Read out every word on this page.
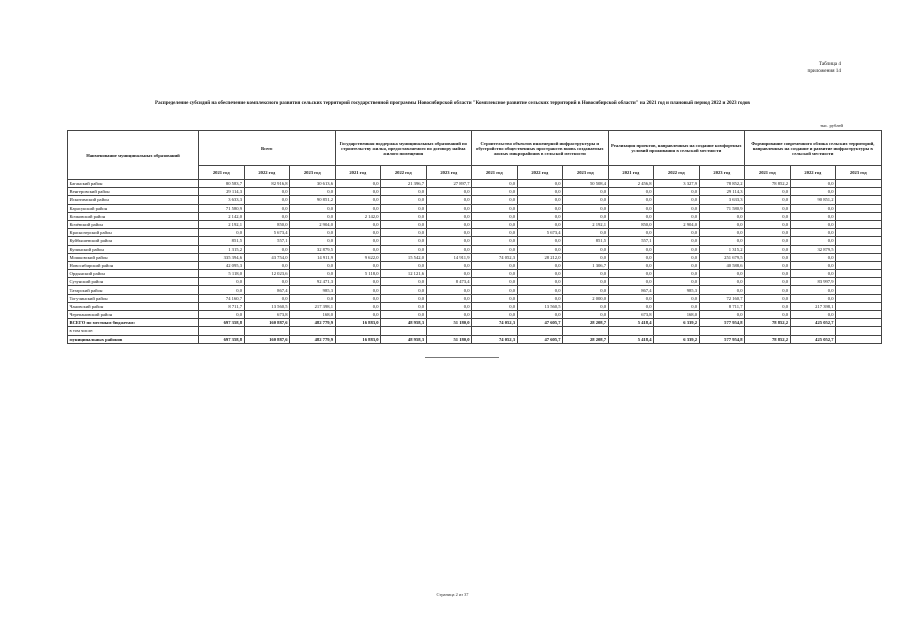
Таблица 4
приложения 14
Распределение субсидий на обеспечение комплексного развития сельских территорий государственной программы Новосибирской области "Комплексное развитие сельских территорий в Новосибирской области" на 2021 год и плановый период 2022 и 2023 годов
тыс. рублей
Наименование муниципальных образований	Всего			Государственная поддержка муниципальных образований по строительству жилья, предоставляемого по договору найма жилого помещения			Строительство объектов инженерной инфраструктуры и обустройство общественных пространств вновь создаваемых жилых микрорайонов в сельской местности			Реализация проектов, направленных на создание комфортных условий проживания в сельской местности			Формирование современного облика сельских территорий, направленных на создание и развитие инфраструктуры в сельской местности		
	2021 год	2022 год	2023 год	2021 год	2022 год	2023 год	2021 год	2022 год	2023 год	2021 год	2022 год	2023 год	2021 год	2022 год	2023 год
Баганский район	80 583,7	82 916,8	30 613,6	0,0	21 396,7	27 897,7	0,0	0,0	50 508,4	2 456,8	3 327,9	78 852,2	78 852,2	0,0	
Венгеровский район	29 114,3	0,0	0,0	0,0	0,0	0,0	0,0	0,0	0,0	0,0	0,0	29 114,3	0,0	0,0	
Искитимский район	3 633,3	0,0	90 851,2	0,0	0,0	0,0	0,0	0,0	0,0	0,0	0,0	3 633,3	0,0	90 851,2	
Карасукский район	71 580,9	0,0	0,0	0,0	0,0	0,0	0,0	0,0	0,0	0,0	0,0	71 580,9	0,0	0,0	
Кочковский район	2 142,0	0,0	0,0	2 142,0	0,0	0,0	0,0	0,0	0,0	0,0	0,0	0,0	0,0	0,0	
Кочёвский район	2 192,1	850,0	2 904,0	0,0	0,0	0,0	0,0	0,0	2 192,1	850,0	2 904,0	0,0	0,0	0,0	
Краснозерский район	0,0	5 673,4	0,0	0,0	0,0	0,0	0,0	5 673,4	0,0	0,0	0,0	0,0	0,0	0,0	
Куйбышевский район	851,5	557,1	0,0	0,0	0,0	0,0	0,0	0,0	851,5	557,1	0,0	0,0	0,0	0,0	
Купинский район	1 315,2	0,0	32 879,5	0,0	0,0	0,0	0,0	0,0	0,0	0,0	0,0	1 315,2	0,0	32 879,5	
Мошковский район	335 394,6	43 754,0	14 911,9	9 622,0	15 542,0	14 911,9	74 052,3	28 212,0	0,0	0,0	0,0	251 679,5	0,0	0,0	
Новосибирский район	42 095,3	0,0	0,0	0,0	0,0	0,0	0,0	0,0	1 306,7	0,0	0,0	40 588,6	0,0	0,0	
Ордынский район	5 118,0	12 023,6	0,0	5 118,0	12 121,6	0,0	0,0	0,0	0,0	0,0	0,0	0,0	0,0	0,0	
Сузунский район	0,0	0,0	92 471,3	0,0	0,0	8 473,4	0,0	0,0	0,0	0,0	0,0	0,0	0,0	83 997,9	
Татарский район	0,0	867,4	985,3	0,0	0,0	0,0	0,0	0,0	0,0	867,4	985,3	0,0	0,0	0,0	
Тогучинский район	74 160,7	0,0	0,0	0,0	0,0	0,0	0,0	0,0	2 000,0	0,0	0,0	72 160,7	0,0	0,0	
Чановский район	8 711,7	13 560,5	217 398,1	0,0	0,0	0,0	0,0	13 560,5	0,0	0,0	0,0	8 711,7	0,0	217 398,1	
Черепановский район	0,0	673,8	168,0	0,0	0,0	0,0	0,0	0,0	0,0	673,8	168,0	0,0	0,0	0,0	
ВСЕГО по местным бюджетам:	697 358,8	160 887,6	482 779,9	16 883,0	48 958,3	51 180,0	74 052,3	47 605,7	28 208,7	5 418,4	6 339,2	577 954,8	78 852,2	425 052,7	
в том числе:															
муниципальных районов	697 358,8	160 887,6	482 779,9	16 883,0	48 958,3	51 180,0	74 052,3	47 605,7	28 208,7	5 418,4	6 339,2	577 954,8	78 852,2	425 052,7	
Страница 2 из 37
